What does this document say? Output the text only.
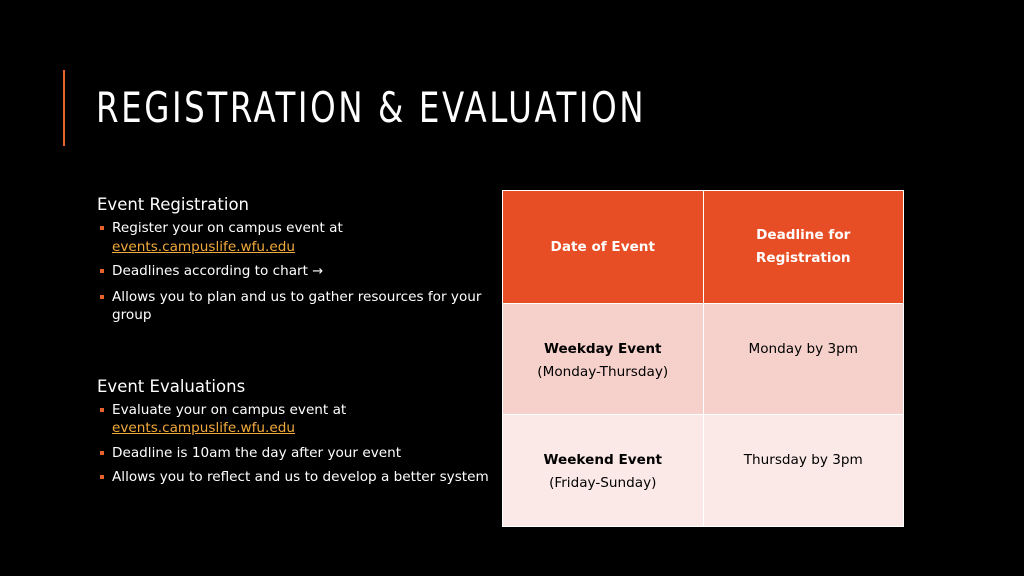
REGISTRATION & EVALUATION

Event Registration

Register your on campus event at
events.campuslife.wfu.edu
Deadlines according to chart →
Allows you to plan and us to gather resources for your group

Event Evaluations

Evaluate your on campus event at
events.campuslife.wfu.edu
Deadline is 10am the day after your event
Allows you to reflect and us to develop a better system
Date of Event	Deadline for Registration

Weekday Event
(Monday-Thursday)	Monday by 3pm

Weekend Event
(Friday-Sunday)	Thursday by 3pm
